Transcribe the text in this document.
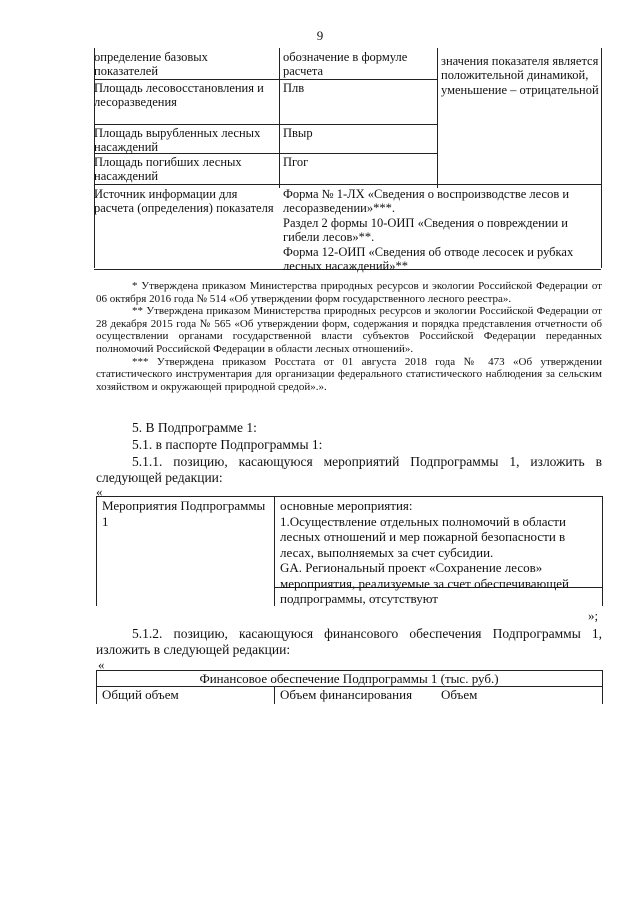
9
определение базовых показателей
обозначение в формуле расчета
значения показателя является положительной динамикой, уменьшение – отрицательной
Площадь лесовосстановления и лесоразведения
Плв
Площадь вырубленных лесных насаждений
Пвыр
Площадь погибших лесных насаждений
Пгог
Источник информации для расчета (определения) показателя
Форма № 1-ЛХ «Сведения о воспроизводстве лесов и лесоразведении»***.
Раздел 2 формы 10-ОИП «Сведения о повреждении и гибели лесов»**.
Форма 12-ОИП «Сведения об отводе лесосек и рубках лесных насаждений»**

* Утверждена приказом Министерства природных ресурсов и экологии Российской Федерации от 06 октября 2016 года № 514 «Об утверждении форм государственного лесного реестра».

** Утверждена приказом Министерства природных ресурсов и экологии Российской Федерации от 28 декабря 2015 года № 565 «Об утверждении форм, содержания и порядка представления отчетности об осуществлении органами государственной власти субъектов Российской Федерации переданных полномочий Российской Федерации в области лесных отношений».

*** Утверждена приказом Росстата от 01 августа 2018 года № 473 «Об утверждении статистического инструментария для организации федерального статистического наблюдения за сельским хозяйством и окружающей природной средой».».

5. В Подпрограмме 1:
5.1. в паспорте Подпрограммы 1:
5.1.1. позицию, касающуюся мероприятий Подпрограммы 1, изложить в следующей редакции:
«
Мероприятия Подпрограммы 1
основные мероприятия:
1.Осуществление отдельных полномочий в области лесных отношений и мер пожарной безопасности в лесах, выполняемых за счет субсидии.
GA. Региональный проект «Сохранение лесов»
мероприятия, реализуемые за счет обеспечивающей подпрограммы, отсутствуют
»;
5.1.2. позицию, касающуюся финансового обеспечения Подпрограммы 1, изложить в следующей редакции:
«
Финансовое обеспечение Подпрограммы 1 (тыс. руб.)
Общий объем	Объем финансирования Объем
